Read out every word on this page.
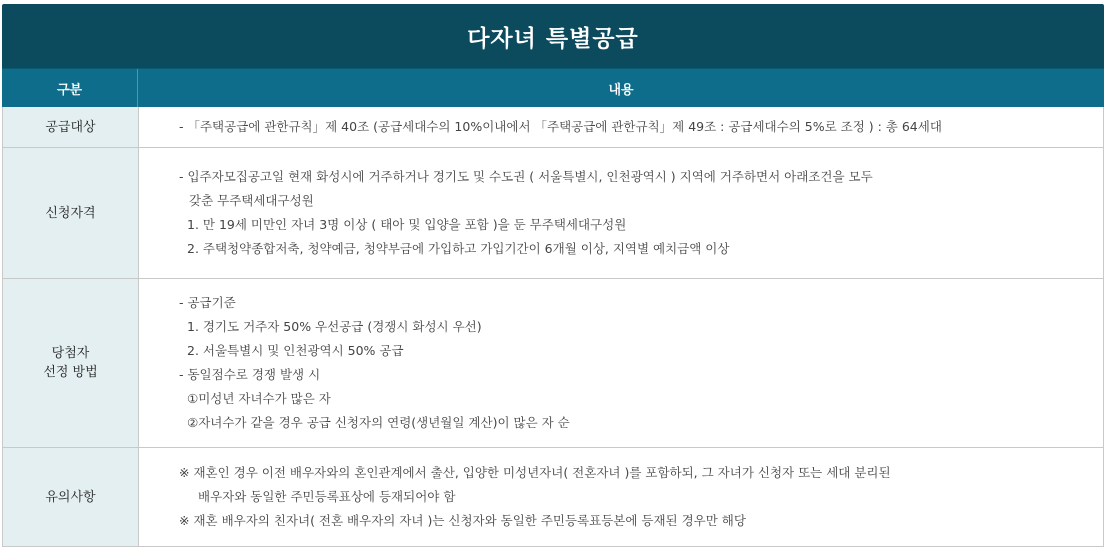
다자녀 특별공급
구분	내용
공급대상	- 「주택공급에 관한규칙」제 40조 (공급세대수의 10%이내에서 「주택공급에 관한규칙」제 49조 : 공급세대수의 5%로 조정 ) : 총 64세대
신청자격
- 입주자모집공고일 현재 화성시에 거주하거나 경기도 및 수도권 ( 서울특별시, 인천광역시 ) 지역에 거주하면서 아래조건을 모두
갖춘 무주택세대구성원
1. 만 19세 미만인 자녀 3명 이상 ( 태아 및 입양을 포함 )을 둔 무주택세대구성원
2. 주택청약종합저축, 청약예금, 청약부금에 가입하고 가입기간이 6개월 이상, 지역별 예치금액 이상
당첨자
선정 방법
- 공급기준
1. 경기도 거주자 50% 우선공급 (경쟁시 화성시 우선)
2. 서울특별시 및 인천광역시 50% 공급
- 동일점수로 경쟁 발생 시
①미성년 자녀수가 많은 자
②자녀수가 같을 경우 공급 신청자의 연령(생년월일 계산)이 많은 자 순
유의사항
※ 재혼인 경우 이전 배우자와의 혼인관계에서 출산, 입양한 미성년자녀( 전혼자녀 )를 포함하되, 그 자녀가 신청자 또는 세대 분리된
배우자와 동일한 주민등록표상에 등재되어야 함
※ 재혼 배우자의 친자녀( 전혼 배우자의 자녀 )는 신청자와 동일한 주민등록표등본에 등재된 경우만 해당
